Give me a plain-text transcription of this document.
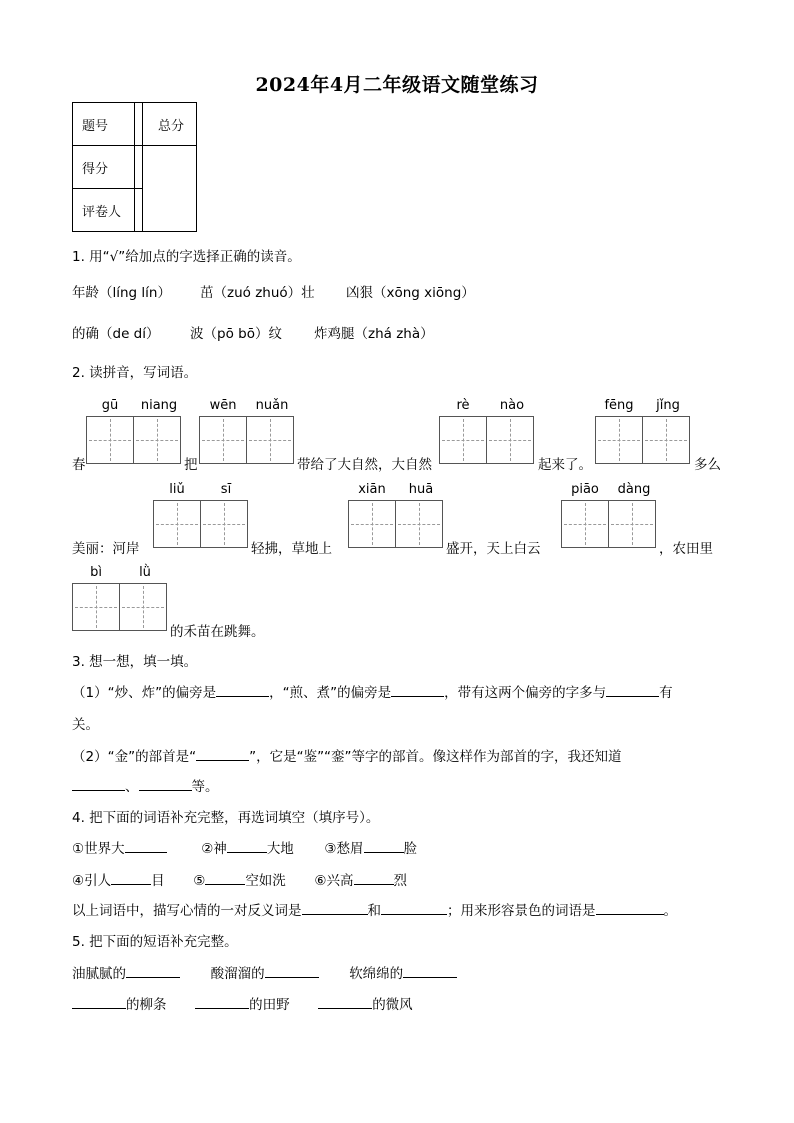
2024年4月二年级语文随堂练习
题号		总分
得分		
评卷人		
1. 用“√”给加点的字选择正确的读音。
年龄（líng lín） 茁（zuó zhuó）壮 凶狠（xōng xiōng）
的确（de dí） 波（pō bō）纹 炸鸡腿（zhá zhà）
2. 读拼音，写词语。
gū	niang	wēn	nuǎn	rè	nào	fēng	jǐng
春	把	带给了大自然，大自然	起来了。	多么
liǔ	sī	xiān	huā	piāo	dàng
美丽：河岸	轻拂，草地上	盛开，天上白云	，农田里
bì	lǜ
的禾苗在跳舞。
3. 想一想，填一填。
（1）“炒、炸”的偏旁是	，“煎、煮”的偏旁是	，带有这两个偏旁的字多与	有
关。
（2）“金”的部首是“	”，它是“鉴”“銮”等字的部首。像这样作为部首的字，我还知道
、	等。
4. 把下面的词语补充完整，再选词填空（填序号）。
①世界大	②神	大地 ③愁眉	脸
④引人	目 ⑤	空如洗 ⑥兴高	烈
以上词语中，描写心情的一对反义词是	和	；用来形容景色的词语是	。
5. 把下面的短语补充完整。
油腻腻的	酸溜溜的	软绵绵的
的柳条	的田野	的微风
